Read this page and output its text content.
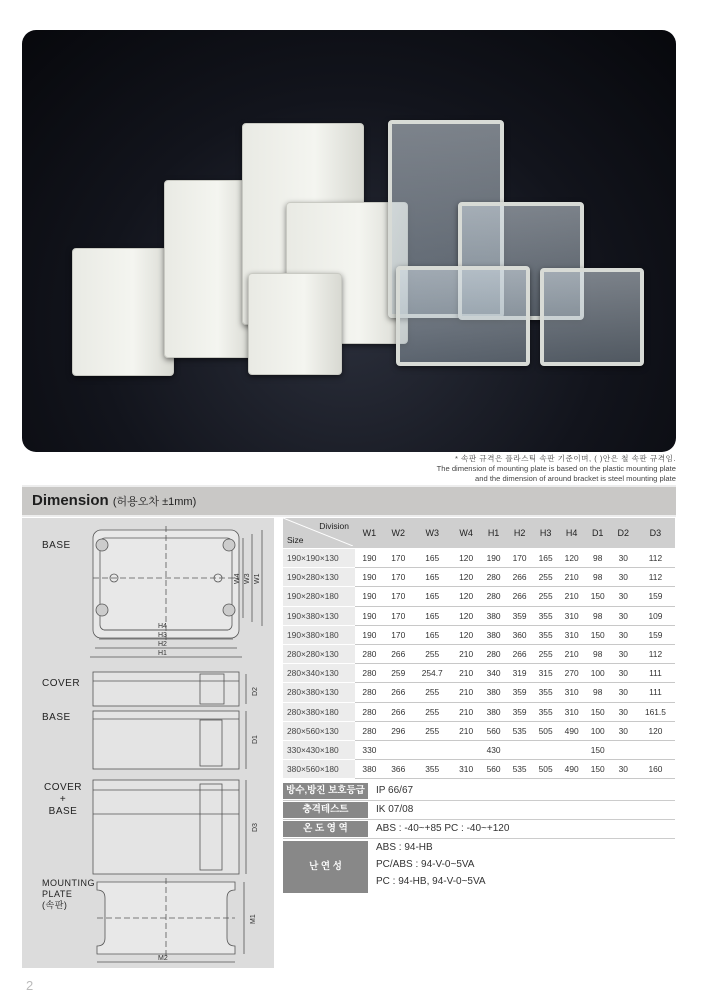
* 속판 규격은 플라스틱 속판 기준이며, ( )안은 철 속판 규격임.
The dimension of mounting plate is based on the plastic mounting plate
and the dimension of around bracket is steel mounting plate
Dimension (허용오차 ±1mm)
BASE
H4
H3
H2
H1
W4 W3 W1
D2
D1
D3
M1
M2
COVER
BASE
COVER
+
BASE
MOUNTING
PLATE
(속판)
Division
Size	W1	W2	W3	W4	H1	H2	H3	H4	D1	D2	D3
190×190×130	190	170	165	120	190	170	165	120	98	30	112
190×280×130	190	170	165	120	280	266	255	210	98	30	112
190×280×180	190	170	165	120	280	266	255	210	150	30	159
190×380×130	190	170	165	120	380	359	355	310	98	30	109
190×380×180	190	170	165	120	380	360	355	310	150	30	159
280×280×130	280	266	255	210	280	266	255	210	98	30	112
280×340×130	280	259	254.7	210	340	319	315	270	100	30	111
280×380×130	280	266	255	210	380	359	355	310	98	30	111
280×380×180	280	266	255	210	380	359	355	310	150	30	161.5
280×560×130	280	296	255	210	560	535	505	490	100	30	120
330×430×180	330				430				150		
380×560×180	380	366	355	310	560	535	505	490	150	30	160
방수,방진 보호등급	IP 66/67
충격테스트	IK 07/08
온 도 영 역	ABS : -40~+85 PC : -40~+120
난 연 성
ABS : 94-HB
PC/ABS : 94-V-0~5VA
PC : 94-HB, 94-V-0~5VA
2
